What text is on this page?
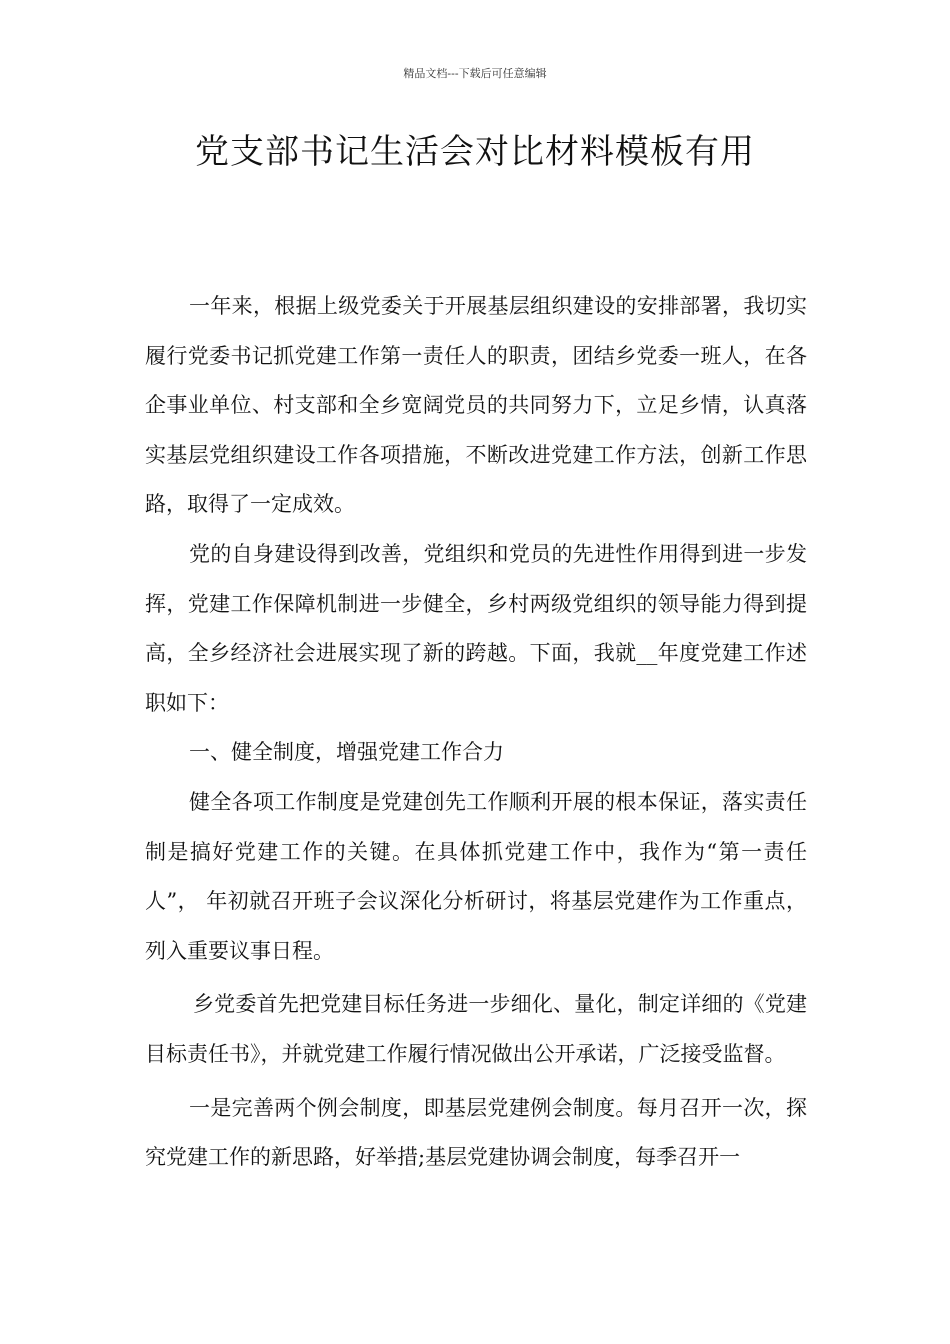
精品文档---下载后可任意编辑
党支部书记生活会对比材料模板有用

一年来，根据上级党委关于开展基层组织建设的安排部署，我切实履行党委书记抓党建工作第一责任人的职责，团结乡党委一班人，在各企事业单位、村支部和全乡宽阔党员的共同努力下，立足乡情，认真落实基层党组织建设工作各项措施，不断改进党建工作方法，创新工作思路，取得了一定成效。

党的自身建设得到改善，党组织和党员的先进性作用得到进一步发挥，党建工作保障机制进一步健全，乡村两级党组织的领导能力得到提高，全乡经济社会进展实现了新的跨越。下面，我就__年度党建工作述职如下：

一、健全制度，增强党建工作合力

健全各项工作制度是党建创先工作顺利开展的根本保证，落实责任制是搞好党建工作的关键。在具体抓党建工作中，我作为“第一责任人”， 年初就召开班子会议深化分析研讨，将基层党建作为工作重点，列入重要议事日程。

乡党委首先把党建目标任务进一步细化、量化，制定详细的《党建目标责任书》，并就党建工作履行情况做出公开承诺，广泛接受监督。

一是完善两个例会制度，即基层党建例会制度。每月召开一次，探究党建工作的新思路，好举措;基层党建协调会制度，每季召开一
